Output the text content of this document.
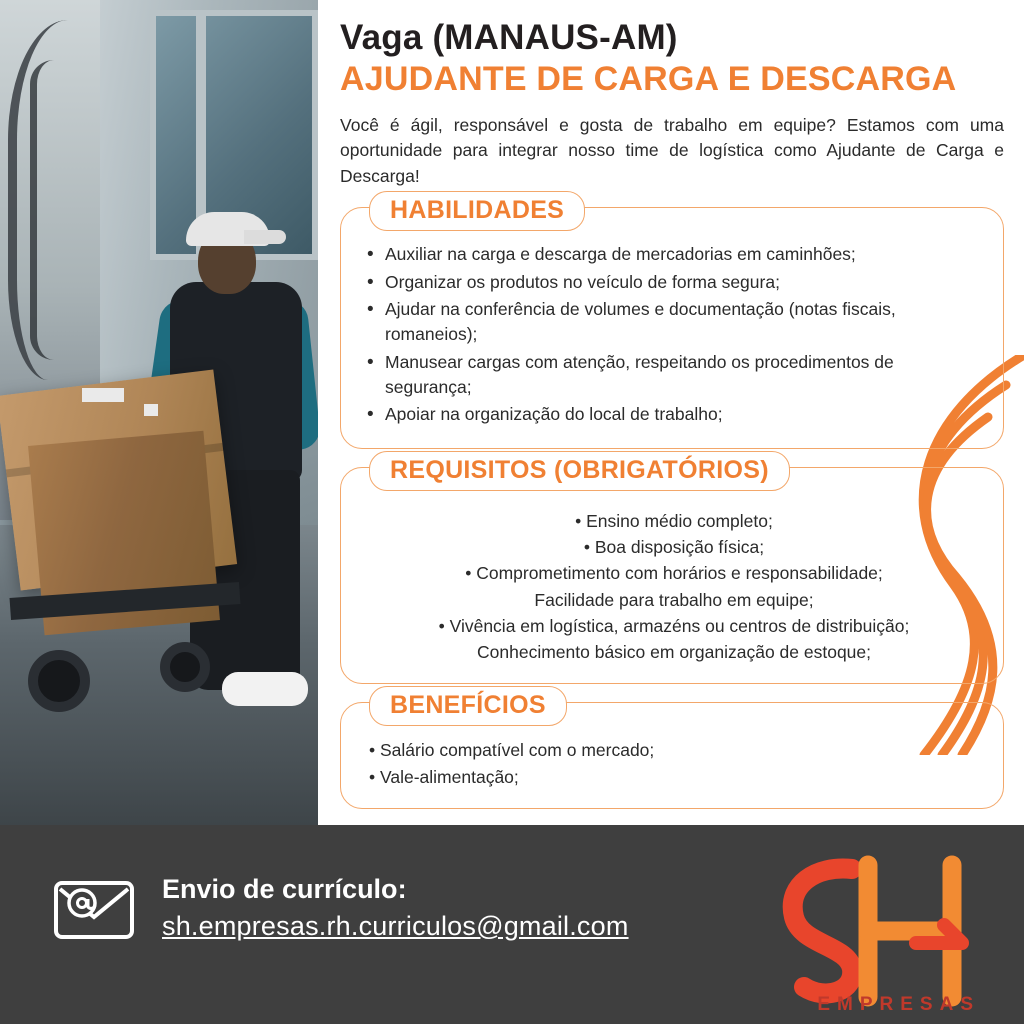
Vaga (MANAUS-AM)
AJUDANTE DE CARGA E DESCARGA

Você é ágil, responsável e gosta de trabalho em equipe? Estamos com uma oportunidade para integrar nosso time de logística como Ajudante de Carga e Descarga!

HABILIDADES
• Auxiliar na carga e descarga de mercadorias em caminhões;
• Organizar os produtos no veículo de forma segura;
• Ajudar na conferência de volumes e documentação (notas fiscais, romaneios);
• Manusear cargas com atenção, respeitando os procedimentos de segurança;
• Apoiar na organização do local de trabalho;
REQUISITOS (OBRIGATÓRIOS)
• Ensino médio completo;
• Boa disposição física;
• Comprometimento com horários e responsabilidade;
Facilidade para trabalho em equipe;
• Vivência em logística, armazéns ou centros de distribuição;
Conhecimento básico em organização de estoque;
BENEFÍCIOS
• Salário compatível com o mercado;
• Vale-alimentação;
Envio de currículo:
sh.empresas.rh.curriculos@gmail.com
EMPRESAS
